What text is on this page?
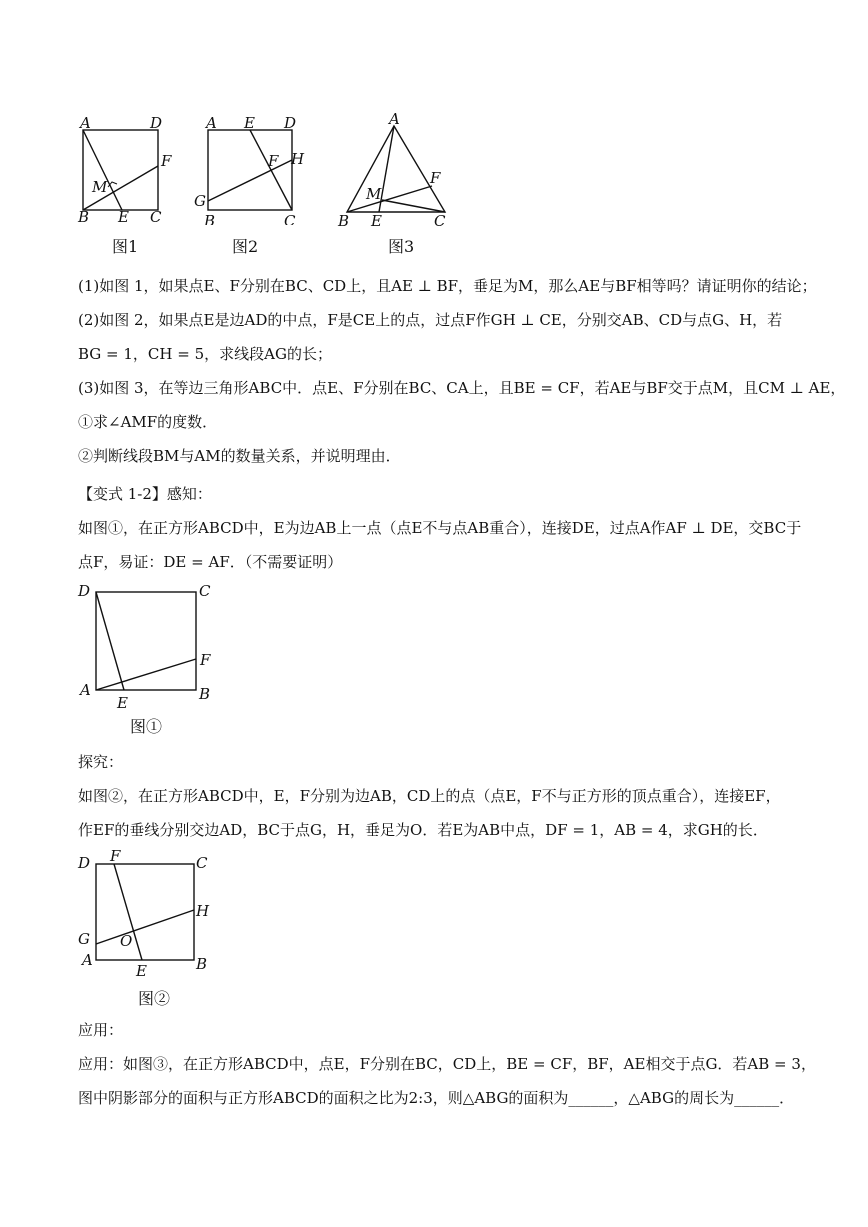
A	D
F
M
B E C
图1
A E D
F H
G
B	C
图2
A
F
M
B E	C
图3
(1)如图 1，如果点E、F分别在BC、CD上，且AE ⊥ BF，垂足为M，那么AE与BF相等吗？请证明你的结论；
(2)如图 2，如果点E是边AD的中点，F是CE上的点，过点F作GH ⊥ CE，分别交AB、CD与点G、H，若
BG = 1，CH = 5，求线段AG的长；
(3)如图 3，在等边三角形ABC中．点E、F分别在BC、CA上，且BE = CF，若AE与BF交于点M，且CM ⊥ AE，
①求∠AMF的度数．
②判断线段BM与AM的数量关系，并说明理由．
【变式 1-2】感知：
如图①，在正方形ABCD中，E为边AB上一点（点E不与点AB重合），连接DE，过点A作AF ⊥ DE，交BC于
点F，易证：DE = AF．（不需要证明）
D	C
F
A	B
E
图①
探究：
如图②，在正方形ABCD中，E，F分别为边AB，CD上的点（点E，F不与正方形的顶点重合），连接EF，
作EF的垂线分别交边AD，BC于点G，H，垂足为O．若E为AB中点，DF = 1，AB = 4，求GH的长．
D F	C
H
G O
A
E	B
图②
应用：
应用：如图③，在正方形ABCD中，点E，F分别在BC，CD上，BE = CF，BF，AE相交于点G．若AB = 3，
图中阴影部分的面积与正方形ABCD的面积之比为2:3，则△ABG的面积为______，△ABG的周长为______．
